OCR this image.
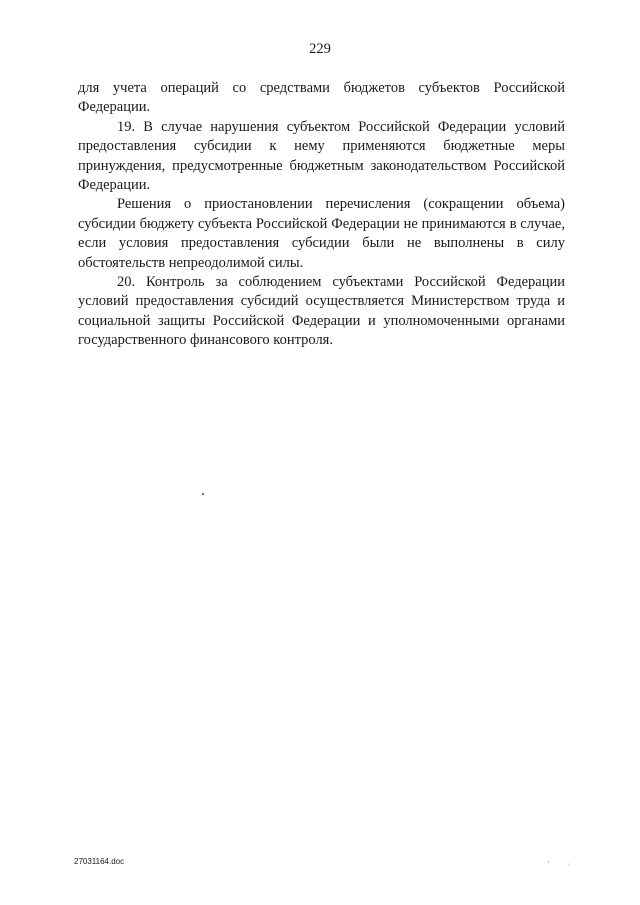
229

для учета операций со средствами бюджетов субъектов Российской Федерации.

19. В случае нарушения субъектом Российской Федерации условий предоставления субсидии к нему применяются бюджетные меры принуждения, предусмотренные бюджетным законодательством Российской Федерации.

Решения о приостановлении перечисления (сокращении объема) субсидии бюджету субъекта Российской Федерации не принимаются в случае, если условия предоставления субсидии были не выполнены в силу обстоятельств непреодолимой силы.

20. Контроль за соблюдением субъектами Российской Федерации условий предоставления субсидий осуществляется Министерством труда и социальной защиты Российской Федерации и уполномоченными органами государственного финансового контроля.

27031164.doc	' ·
